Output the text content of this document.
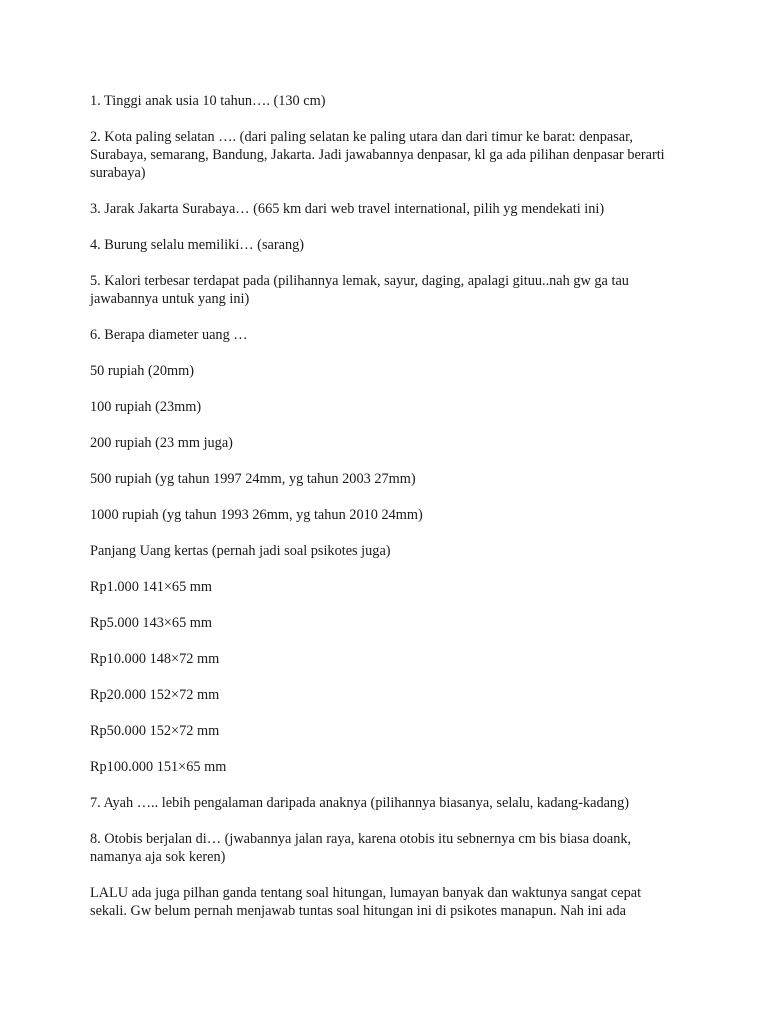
1. Tinggi anak usia 10 tahun…. (130 cm)

2. Kota paling selatan …. (dari paling selatan ke paling utara dan dari timur ke barat: denpasar, Surabaya, semarang, Bandung, Jakarta. Jadi jawabannya denpasar, kl ga ada pilihan denpasar berarti surabaya)

3. Jarak Jakarta Surabaya… (665 km dari web travel international, pilih yg mendekati ini)

4. Burung selalu memiliki… (sarang)

5. Kalori terbesar terdapat pada (pilihannya lemak, sayur, daging, apalagi gituu..nah gw ga tau jawabannya untuk yang ini)

6. Berapa diameter uang …

50 rupiah (20mm)

100 rupiah (23mm)

200 rupiah (23 mm juga)

500 rupiah (yg tahun 1997 24mm, yg tahun 2003 27mm)

1000 rupiah (yg tahun 1993 26mm, yg tahun 2010 24mm)

Panjang Uang kertas (pernah jadi soal psikotes juga)

Rp1.000 141×65 mm

Rp5.000 143×65 mm

Rp10.000 148×72 mm

Rp20.000 152×72 mm

Rp50.000 152×72 mm

Rp100.000 151×65 mm

7. Ayah ….. lebih pengalaman daripada anaknya (pilihannya biasanya, selalu, kadang-kadang)

8. Otobis berjalan di… (jwabannya jalan raya, karena otobis itu sebnernya cm bis biasa doank, namanya aja sok keren)

LALU ada juga pilhan ganda tentang soal hitungan, lumayan banyak dan waktunya sangat cepat sekali. Gw belum pernah menjawab tuntas soal hitungan ini di psikotes manapun. Nah ini ada
